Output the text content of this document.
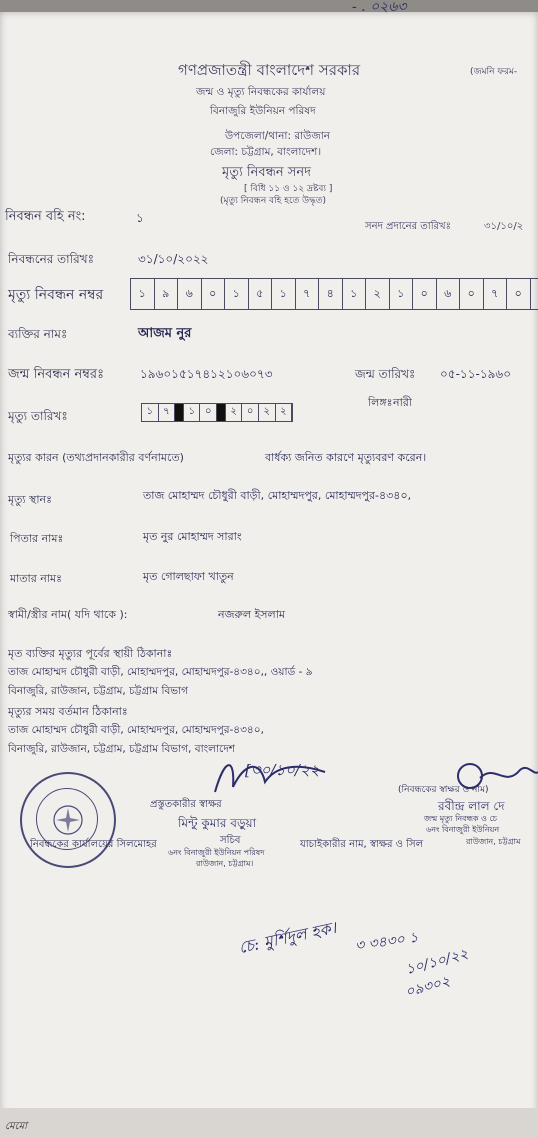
- . ০২৬৩
গণপ্রজাতন্ত্রী বাংলাদেশ সরকার	(জমনি ফরম-
জন্ম ও মৃত্যু নিবন্ধকের কার্যালয়
বিনাজুরি ইউনিয়ন পরিষদ
উপজেলা/থানা: রাউজান
জেলা: চট্টগ্রাম, বাংলাদেশ।
মৃত্যু নিবন্ধন সনদ
[ বিধি ১১ ও ১২ দ্রষ্টব্য ]
(মৃত্যু নিবন্ধন বহি হতে উদ্ধৃত)
নিবন্ধন বহি নং:	১
সনদ প্রদানের তারিখঃ	৩১/১০/২
নিবন্ধনের তারিখঃ	৩১/১০/২০২২
মৃত্যু নিবন্ধন নম্বর	১	৯	৬	০	১	৫	১	৭	৪	১	২	১	০	৬	০	৭	০
ব্যক্তির নামঃ	আজম নুর
জন্ম নিবন্ধন নম্বরঃ	১৯৬০১৫১৭৪১২১০৬০৭৩	জন্ম তারিখঃ ০৫-১১-১৯৬০
লিঙ্গঃ নারী
মৃত্যু তারিখঃ	১	৭	১	০	২	০	২	২
মৃত্যুর কারন (তথ্যপ্রদানকারীর বর্ণনামতে)	বার্ধক্য জনিত কারণে মৃত্যুবরণ করেন।
মৃত্যু স্থানঃ	তাজ মোহাম্মদ চৌধুরী বাড়ী, মোহাম্মদপুর, মোহাম্মদপুর-৪৩৪০,
পিতার নামঃ	মৃত নুর মোহাম্মদ সারাং
মাতার নামঃ	মৃত গোলছাফা খাতুন
স্বামী/স্ত্রীর নাম( যদি থাকে ):	নজরুল ইসলাম
মৃত ব্যক্তির মৃত্যুর পূর্বের স্থায়ী ঠিকানাঃ
তাজ মোহাম্মদ চৌধুরী বাড়ী, মোহাম্মদপুর, মোহাম্মদপুর-৪৩৪০,, ওয়ার্ড - ৯
বিনাজুরি, রাউজান, চট্টগ্রাম, চট্টগ্রাম বিভাগ
মৃত্যুর সময় বর্তমান ঠিকানাঃ
তাজ মোহাম্মদ চৌধুরী বাড়ী, মোহাম্মদপুর, মোহাম্মদপুর-৪৩৪০,
বিনাজুরি, রাউজান, চট্টগ্রাম, চট্টগ্রাম বিভাগ, বাংলাদেশ
[৩০/১০/২২
প্রস্তুতকারীর স্বাক্ষর
মিন্টু কুমার বড়ুয়া
সচিব
৬নং বিনাজুরী ইউনিয়ন পরিষদ
রাউজান, চট্টগ্রাম।
নিবন্ধকের কার্যালয়ের সিলমোহর	যাচাইকারীর নাম, স্বাক্ষর ও সিল
(নিবন্ধকের স্বাক্ষর ও নাম)
রবীন্দ্র লাল দে
জন্ম মৃত্যু নিবন্ধক ও চে
৬নং বিনাজুরী ইউনিয়ন
রাউজান, চট্টগ্রাম
চে: মুর্শিদুল হক। ৩ ৩৪৩০ ১
১০/১০/২২
০৯৩০২
মেমো
